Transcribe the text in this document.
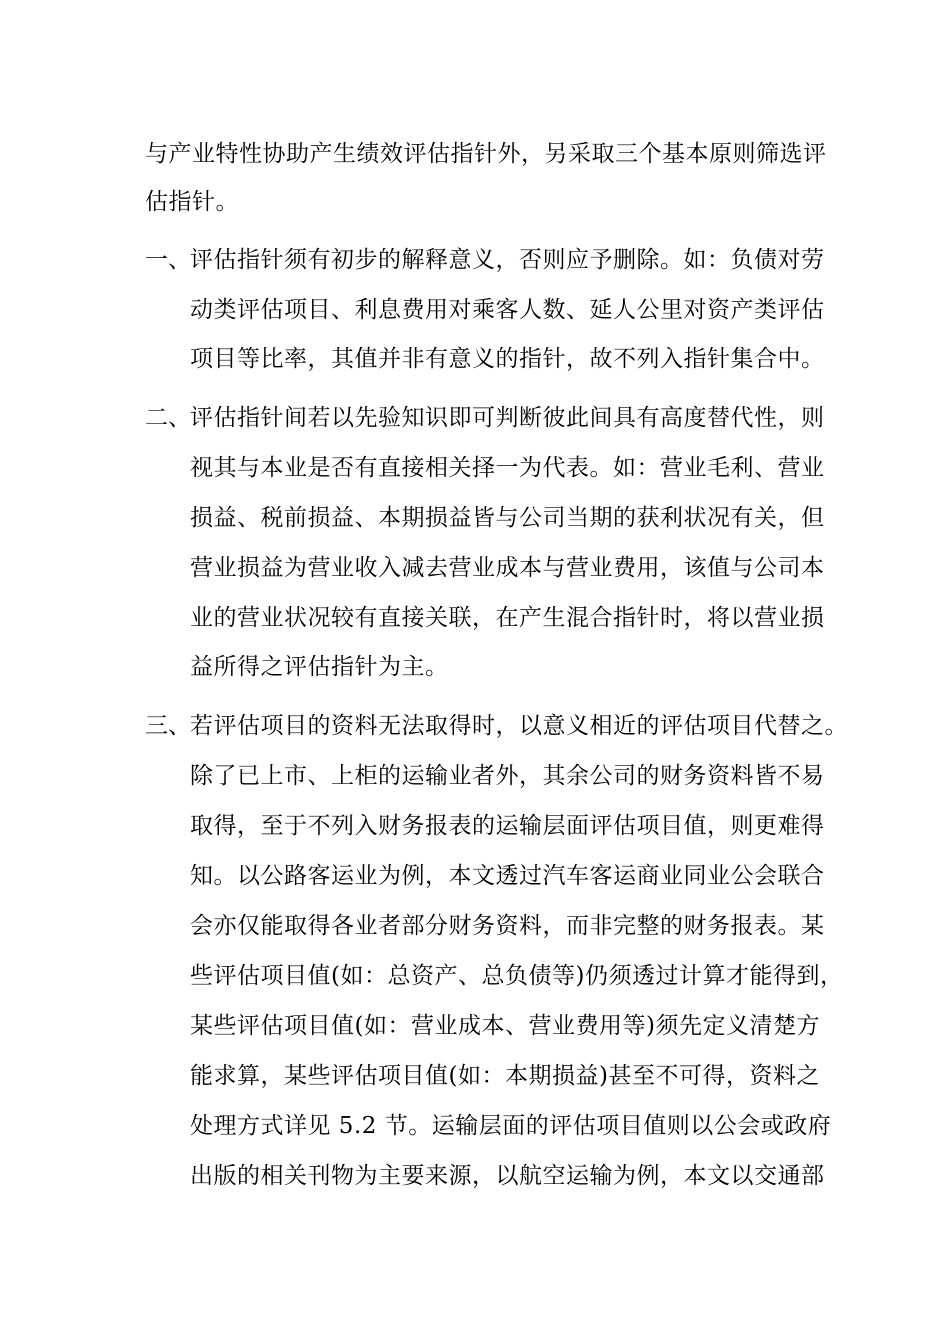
与产业特性协助产生绩效评估指针外，另采取三个基本原则筛选评
估指针。
一、 评估指针须有初步的解释意义，否则应予删除。如：负债对劳
动类评估项目、利息费用对乘客人数、延人公里对资产类评估
项目等比率，其值并非有意义的指针，故不列入指针集合中。
二、 评估指针间若以先验知识即可判断彼此间具有高度替代性，则
视其与本业是否有直接相关择一为代表。如：营业毛利、营业
损益、税前损益、本期损益皆与公司当期的获利状况有关，但
营业损益为营业收入减去营业成本与营业费用，该值与公司本
业的营业状况较有直接关联，在产生混合指针时，将以营业损
益所得之评估指针为主。
三、 若评估项目的资料无法取得时，以意义相近的评估项目代替之。
除了已上市、上柜的运输业者外，其余公司的财务资料皆不易
取得，至于不列入财务报表的运输层面评估项目值，则更难得
知。以公路客运业为例，本文透过汽车客运商业同业公会联合
会亦仅能取得各业者部分财务资料，而非完整的财务报表。某
些评估项目值(如：总资产、总负债等)仍须透过计算才能得到，
某些评估项目值(如：营业成本、营业费用等)须先定义清楚方
能求算，某些评估项目值(如：本期损益)甚至不可得，资料之
处理方式详见 5.2 节。运输层面的评估项目值则以公会或政府
出版的相关刊物为主要来源，以航空运输为例，本文以交通部
